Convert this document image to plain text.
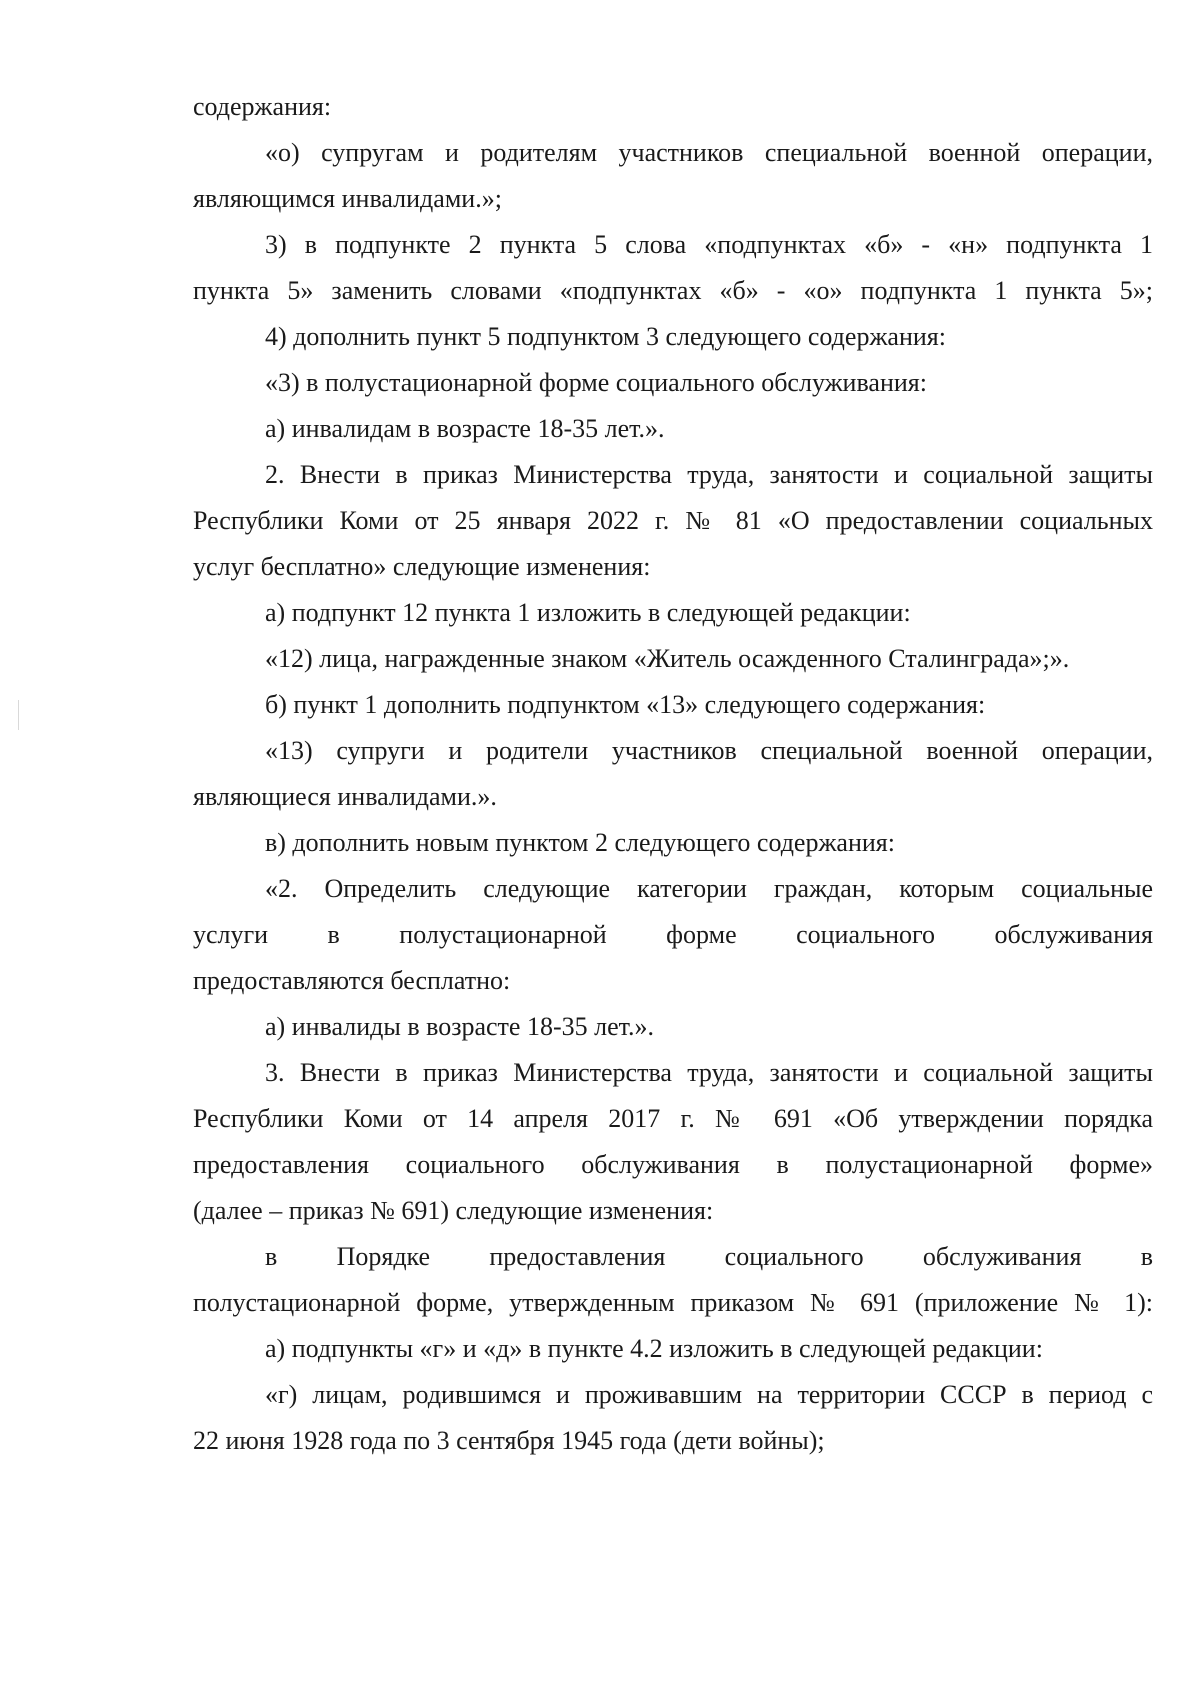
содержания:

«о) супругам и родителям участников специальной военной операции,

являющимся инвалидами.»;

3) в подпункте 2 пункта 5 слова «подпунктах «б» - «н» подпункта 1

пункта 5» заменить словами «подпунктах «б» - «о» подпункта 1 пункта 5»;

4) дополнить пункт 5 подпунктом 3 следующего содержания:

«3) в полустационарной форме социального обслуживания:

а) инвалидам в возрасте 18-35 лет.».

2. Внести в приказ Министерства труда, занятости и социальной защиты

Республики Коми от 25 января 2022 г. № 81 «О предоставлении социальных

услуг бесплатно» следующие изменения:

а) подпункт 12 пункта 1 изложить в следующей редакции:

«12) лица, награжденные знаком «Житель осажденного Сталинграда»;».

б) пункт 1 дополнить подпунктом «13» следующего содержания:

«13) супруги и родители участников специальной военной операции,

являющиеся инвалидами.».

в) дополнить новым пунктом 2 следующего содержания:

«2. Определить следующие категории граждан, которым социальные

услуги в полустационарной форме социального обслуживания

предоставляются бесплатно:

а) инвалиды в возрасте 18-35 лет.».

3. Внести в приказ Министерства труда, занятости и социальной защиты

Республики Коми от 14 апреля 2017 г. № 691 «Об утверждении порядка

предоставления социального обслуживания в полустационарной форме»

(далее – приказ № 691) следующие изменения:

в Порядке предоставления социального обслуживания в

полустационарной форме, утвержденным приказом № 691 (приложение № 1):

а) подпункты «г» и «д» в пункте 4.2 изложить в следующей редакции:

«г) лицам, родившимся и проживавшим на территории СССР в период с

22 июня 1928 года по 3 сентября 1945 года (дети войны);
